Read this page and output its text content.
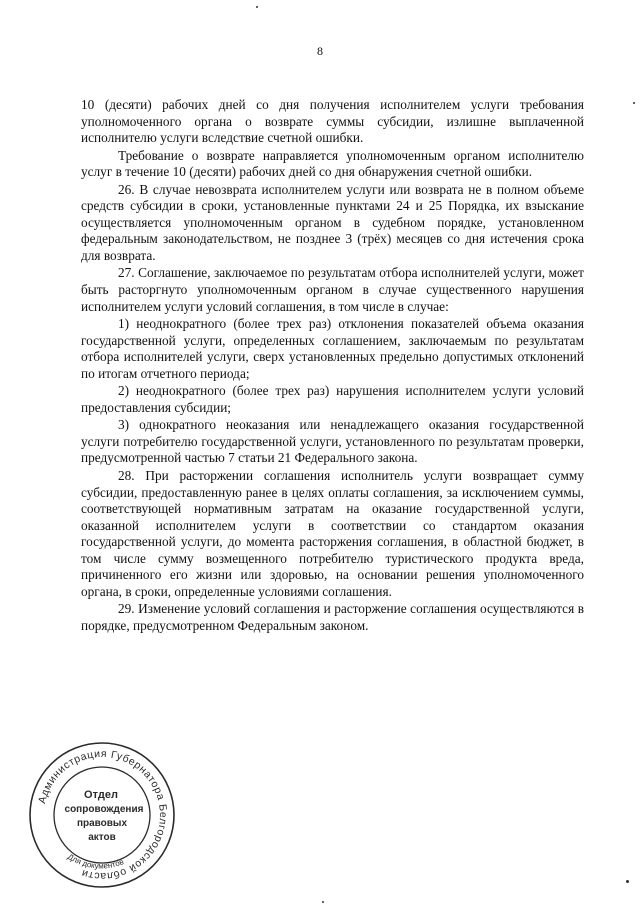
8

10 (десяти) рабочих дней со дня получения исполнителем услуги требования уполномоченного органа о возврате суммы субсидии, излишне выплаченной исполнителю услуги вследствие счетной ошибки.

Требование о возврате направляется уполномоченным органом исполнителю услуг в течение 10 (десяти) рабочих дней со дня обнаружения счетной ошибки.

26. В случае невозврата исполнителем услуги или возврата не в полном объеме средств субсидии в сроки, установленные пунктами 24 и 25 Порядка, их взыскание осуществляется уполномоченным органом в судебном порядке, установленном федеральным законодательством, не позднее 3 (трёх) месяцев со дня истечения срока для возврата.

27. Соглашение, заключаемое по результатам отбора исполнителей услуги, может быть расторгнуто уполномоченным органом в случае существенного нарушения исполнителем услуги условий соглашения, в том числе в случае:

1) неоднократного (более трех раз) отклонения показателей объема оказания государственной услуги, определенных соглашением, заключаемым по результатам отбора исполнителей услуги, сверх установленных предельно допустимых отклонений по итогам отчетного периода;

2) неоднократного (более трех раз) нарушения исполнителем услуги условий предоставления субсидии;

3) однократного неоказания или ненадлежащего оказания государственной услуги потребителю государственной услуги, установленного по результатам проверки, предусмотренной частью 7 статьи 21 Федерального закона.

28. При расторжении соглашения исполнитель услуги возвращает сумму субсидии, предоставленную ранее в целях оплаты соглашения, за исключением суммы, соответствующей нормативным затратам на оказание государственной услуги, оказанной исполнителем услуги в соответствии со стандартом оказания государственной услуги, до момента расторжения соглашения, в областной бюджет, в том числе сумму возмещенного потребителю туристического продукта вреда, причиненного его жизни или здоровью, на основании решения уполномоченного органа, в сроки, определенные условиями соглашения.

29. Изменение условий соглашения и расторжение соглашения осуществляются в порядке, предусмотренном Федеральным законом.

Администрация Губернатора Белгородской области
Отдел
сопровождения
правовых
актов
Для документов
